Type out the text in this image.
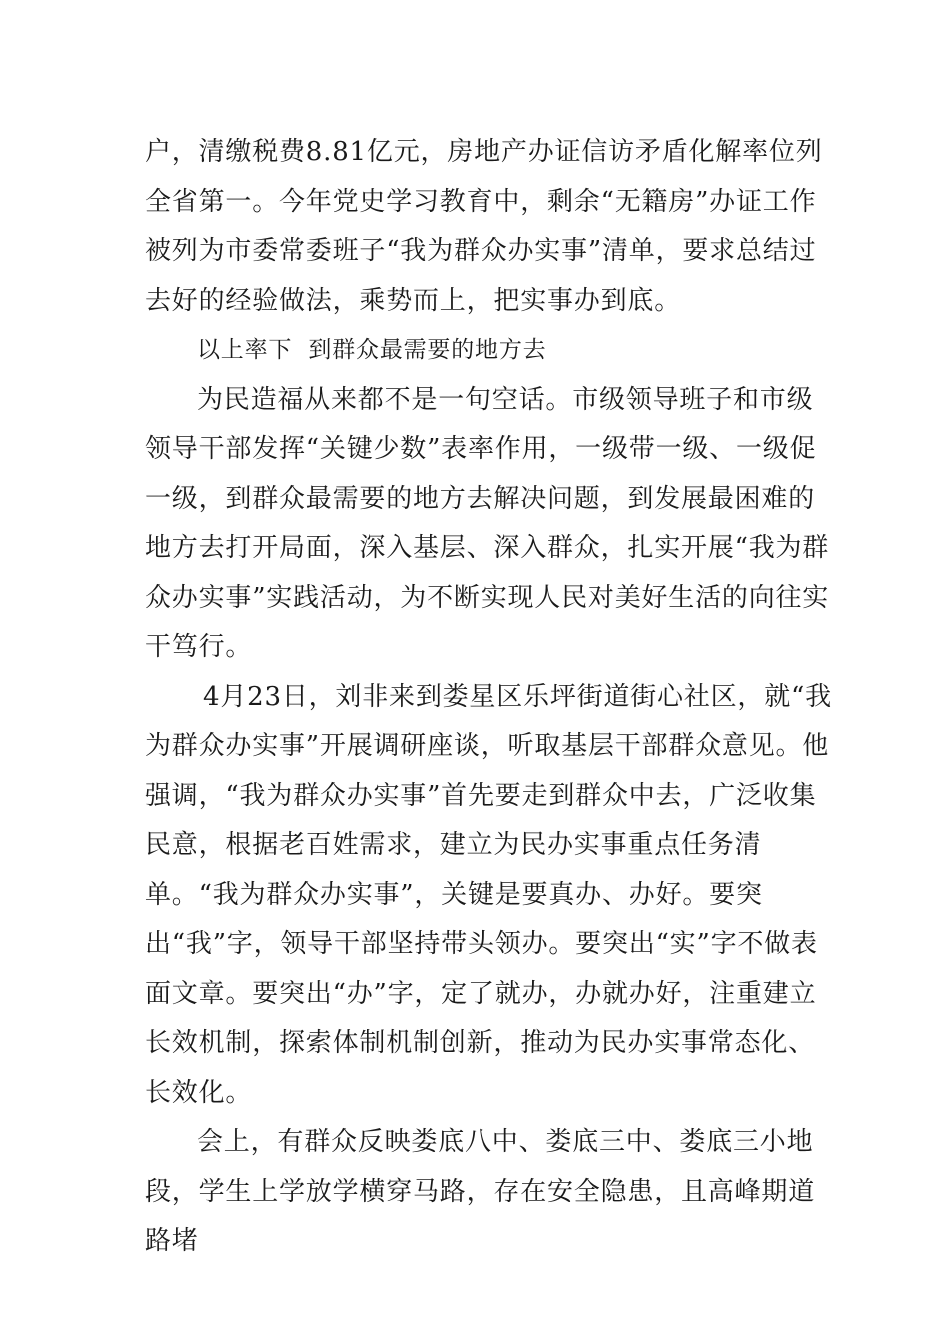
户，清缴税费8.81亿元，房地产办证信访矛盾化解率位列全省第一。今年党史学习教育中，剩余“无籍房”办证工作被列为市委常委班子“我为群众办实事”清单，要求总结过去好的经验做法，乘势而上，把实事办到底。

以上率下  到群众最需要的地方去

为民造福从来都不是一句空话。市级领导班子和市级领导干部发挥“关键少数”表率作用，一级带一级、一级促一级，到群众最需要的地方去解决问题，到发展最困难的地方去打开局面，深入基层、深入群众，扎实开展“我为群众办实事”实践活动，为不断实现人民对美好生活的向往实干笃行。

4月23日，刘非来到娄星区乐坪街道街心社区，就“我为群众办实事”开展调研座谈，听取基层干部群众意见。他强调，“我为群众办实事”首先要走到群众中去，广泛收集民意，根据老百姓需求，建立为民办实事重点任务清单。“我为群众办实事”，关键是要真办、办好。要突出“我”字，领导干部坚持带头领办。要突出“实”字不做表面文章。要突出“办”字，定了就办，办就办好，注重建立长效机制，探索体制机制创新，推动为民办实事常态化、长效化。

会上，有群众反映娄底八中、娄底三中、娄底三小地段，学生上学放学横穿马路，存在安全隐患，且高峰期道路堵
